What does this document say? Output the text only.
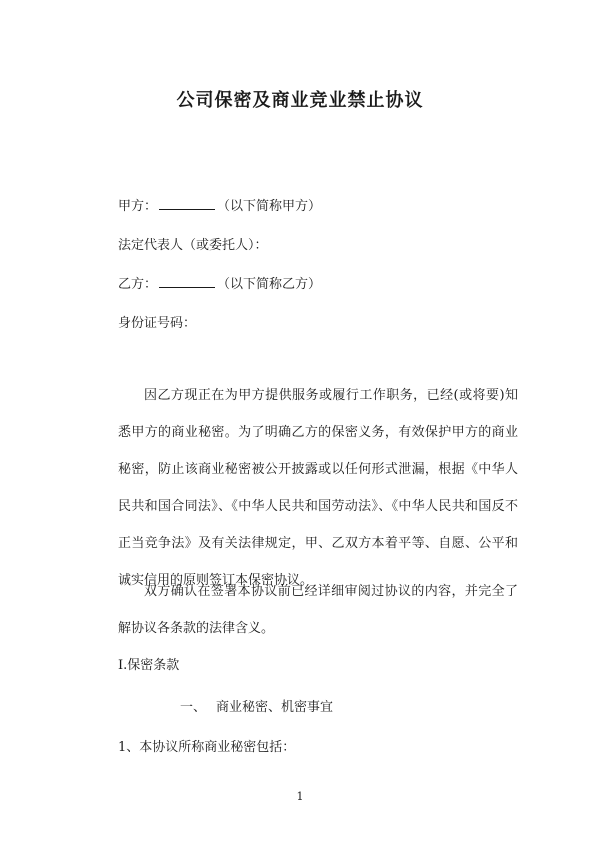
公司保密及商业竞业禁止协议
甲方：	（以下简称甲方）
法定代表人（或委托人）：
乙方：	（以下简称乙方）
身份证号码：
因乙方现正在为甲方提供服务或履行工作职务，已经(或将要)知悉甲方的商业秘密。为了明确乙方的保密义务，有效保护甲方的商业秘密，防止该商业秘密被公开披露或以任何形式泄漏，根据《中华人民共和国合同法》、《中华人民共和国劳动法》、《中华人民共和国反不正当竞争法》及有关法律规定，甲、乙双方本着平等、自愿、公平和诚实信用的原则签订本保密协议。
双方确认在签署本协议前已经详细审阅过协议的内容，并完全了解协议各条款的法律含义。
Ⅰ.保密条款
一、 商业秘密、机密事宜
1、本协议所称商业秘密包括：
1
